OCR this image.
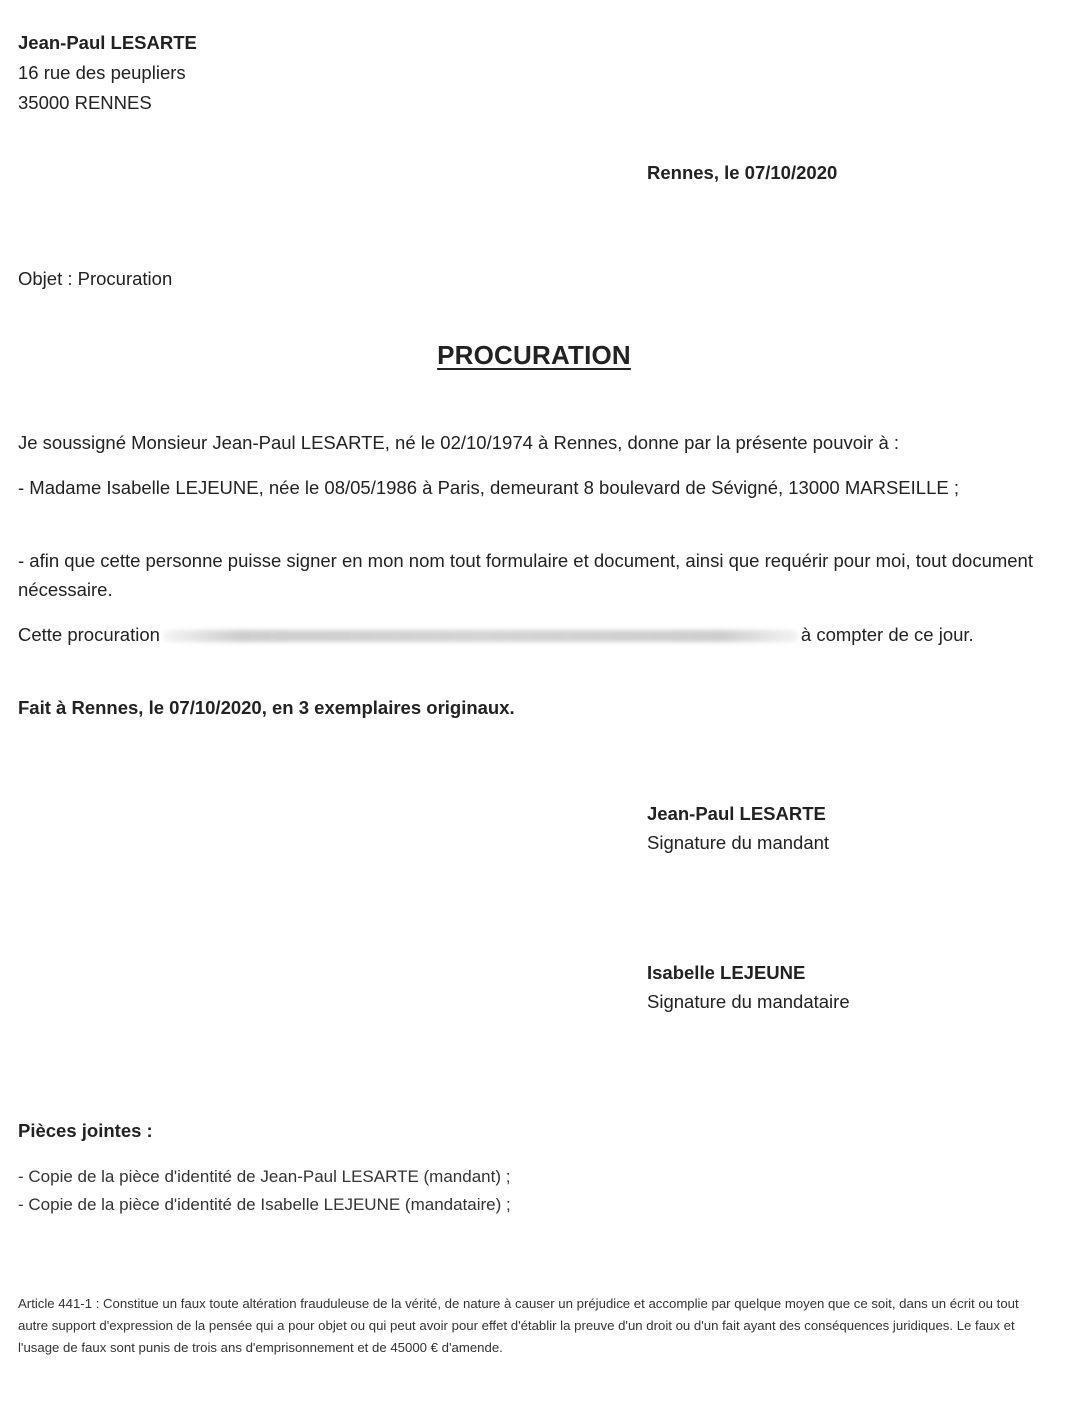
Jean-Paul LESARTE
16 rue des peupliers
35000 RENNES
Rennes, le 07/10/2020
Objet : Procuration
PROCURATION
Je soussigné Monsieur Jean-Paul LESARTE, né le 02/10/1974 à Rennes, donne par la présente pouvoir à :
- Madame Isabelle LEJEUNE, née le 08/05/1986 à Paris, demeurant 8 boulevard de Sévigné, 13000 MARSEILLE ;
- afin que cette personne puisse signer en mon nom tout formulaire et document, ainsi que requérir pour moi, tout document nécessaire.
Cette procuration	à compter de ce jour.
Fait à Rennes, le 07/10/2020, en 3 exemplaires originaux.
Jean-Paul LESARTE
Signature du mandant
Isabelle LEJEUNE
Signature du mandataire
Pièces jointes :
- Copie de la pièce d'identité de Jean-Paul LESARTE (mandant) ;
- Copie de la pièce d'identité de Isabelle LEJEUNE (mandataire) ;
Article 441-1 : Constitue un faux toute altération frauduleuse de la vérité, de nature à causer un préjudice et accomplie par quelque moyen que ce soit, dans un écrit ou tout autre support d'expression de la pensée qui a pour objet ou qui peut avoir pour effet d'établir la preuve d'un droit ou d'un fait ayant des conséquences juridiques. Le faux et l'usage de faux sont punis de trois ans d'emprisonnement et de 45000 € d'amende.
